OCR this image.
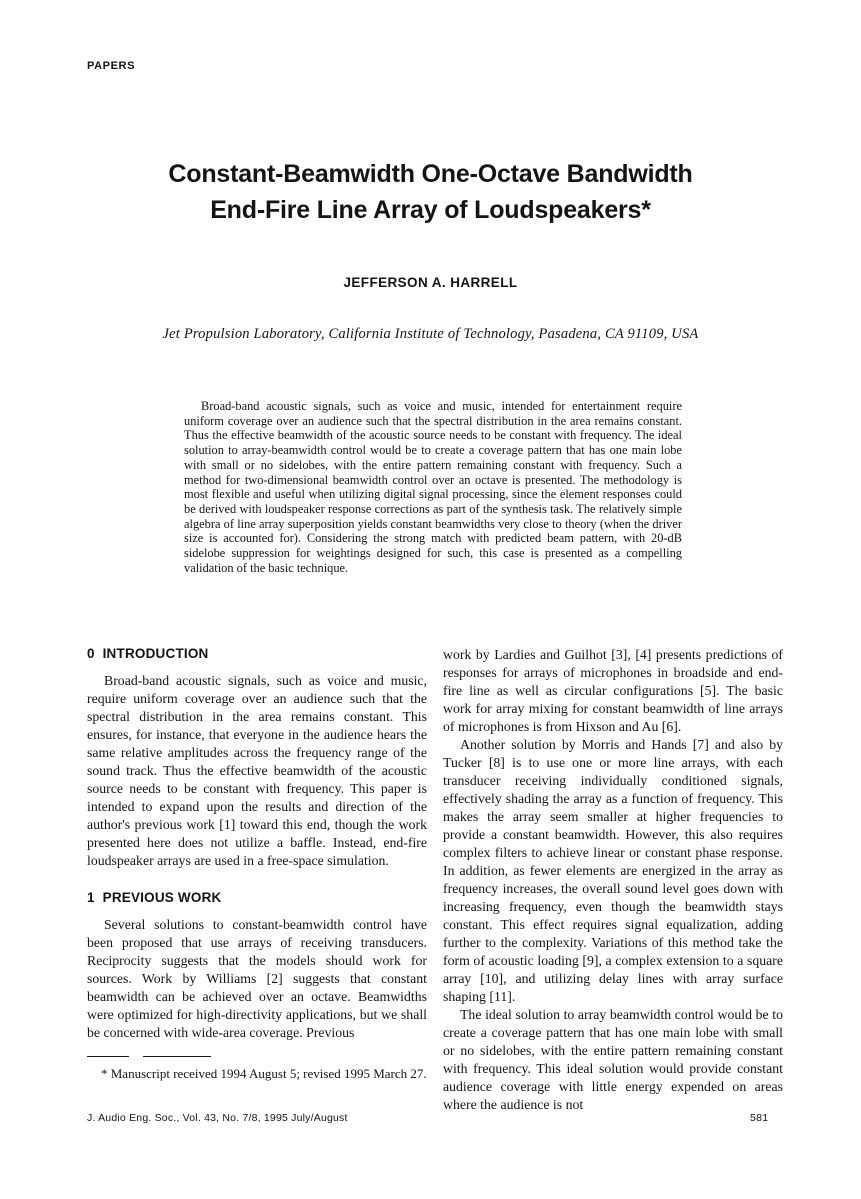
PAPERS
Constant-Beamwidth One-Octave Bandwidth
End-Fire Line Array of Loudspeakers*
JEFFERSON A. HARRELL
Jet Propulsion Laboratory, California Institute of Technology, Pasadena, CA 91109, USA
Broad-band acoustic signals, such as voice and music, intended for entertainment require uniform coverage over an audience such that the spectral distribution in the area remains constant. Thus the effective beamwidth of the acoustic source needs to be constant with frequency. The ideal solution to array-beamwidth control would be to create a coverage pattern that has one main lobe with small or no sidelobes, with the entire pattern remaining constant with frequency. Such a method for two-dimensional beamwidth control over an octave is presented. The methodology is most flexible and useful when utilizing digital signal processing, since the element responses could be derived with loudspeaker response corrections as part of the synthesis task. The relatively simple algebra of line array superposition yields constant beamwidths very close to theory (when the driver size is accounted for). Considering the strong match with predicted beam pattern, with 20-dB sidelobe suppression for weightings designed for such, this case is presented as a compelling validation of the basic technique.
0  INTRODUCTION

Broad-band acoustic signals, such as voice and music, require uniform coverage over an audience such that the spectral distribution in the area remains constant. This ensures, for instance, that everyone in the audience hears the same relative amplitudes across the frequency range of the sound track. Thus the effective beamwidth of the acoustic source needs to be constant with frequency. This paper is intended to expand upon the results and direction of the author's previous work [1] toward this end, though the work presented here does not utilize a baffle. Instead, end-fire loudspeaker arrays are used in a free-space simulation.

1  PREVIOUS WORK

Several solutions to constant-beamwidth control have been proposed that use arrays of receiving transducers. Reciprocity suggests that the models should work for sources. Work by Williams [2] suggests that constant beamwidth can be achieved over an octave. Beamwidths were optimized for high-directivity applications, but we shall be concerned with wide-area coverage. Previous

work by Lardies and Guilhot [3], [4] presents predictions of responses for arrays of microphones in broadside and end-fire line as well as circular configurations [5]. The basic work for array mixing for constant beamwidth of line arrays of microphones is from Hixson and Au [6].

Another solution by Morris and Hands [7] and also by Tucker [8] is to use one or more line arrays, with each transducer receiving individually conditioned signals, effectively shading the array as a function of frequency. This makes the array seem smaller at higher frequencies to provide a constant beamwidth. However, this also requires complex filters to achieve linear or constant phase response. In addition, as fewer elements are energized in the array as frequency increases, the overall sound level goes down with increasing frequency, even though the beamwidth stays constant. This effect requires signal equalization, adding further to the complexity. Variations of this method take the form of acoustic loading [9], a complex extension to a square array [10], and utilizing delay lines with array surface shaping [11].

The ideal solution to array beamwidth control would be to create a coverage pattern that has one main lobe with small or no sidelobes, with the entire pattern remaining constant with frequency. This ideal solution would provide constant audience coverage with little energy expended on areas where the audience is not

* Manuscript received 1994 August 5; revised 1995 March 27.

J. Audio Eng. Soc., Vol. 43, No. 7/8, 1995 July/August	581
